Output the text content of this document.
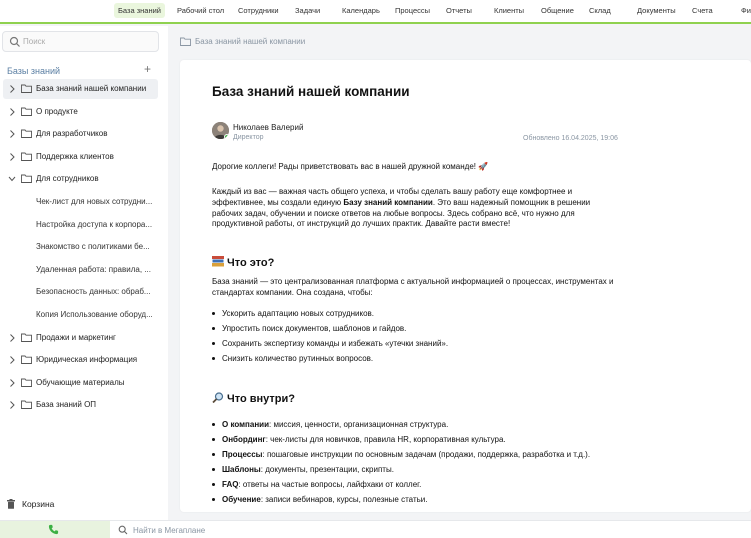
База знаний	Рабочий стол Сотрудники Задачи	Календарь Процессы Отчеты	Клиенты Общение Склад	Документы Счета	Фи
Поиск
Базы знаний	+
База знаний нашей компании
О продукте
Для разработчиков
Поддержка клиентов
Для сотрудников
Чек-лист для новых сотрудни...
Настройка доступа к корпора...
Знакомство с политиками бе...
Удаленная работа: правила, ...
Безопасность данных: обраб...
Копия Использование оборуд...
Продажи и маркетинг
Юридическая информация
Обучающие материалы
База знаний ОП
Корзина
База знаний нашей компании
База знаний нашей компании
Николаев Валерий
Директор	Обновлено 16.04.2025, 19:06
Дорогие коллеги! Рады приветствовать вас в нашей дружной команде! 🚀
Каждый из вас — важная часть общего успеха, и чтобы сделать вашу работу еще комфортнее и эффективнее, мы создали единую Базу знаний компании. Это ваш надежный помощник в решении рабочих задач, обучении и поиске ответов на любые вопросы. Здесь собрано всё, что нужно для продуктивной работы, от инструкций до лучших практик. Давайте расти вместе!
Что это?
База знаний — это централизованная платформа с актуальной информацией о процессах, инструментах и стандартах компании. Она создана, чтобы:
Ускорить адаптацию новых сотрудников.
Упростить поиск документов, шаблонов и гайдов.
Сохранить экспертизу команды и избежать «утечки знаний».
Снизить количество рутинных вопросов.
Что внутри?
О компании: миссия, ценности, организационная структура.
Онбординг: чек-листы для новичков, правила HR, корпоративная культура.
Процессы: пошаговые инструкции по основным задачам (продажи, поддержка, разработка и т.д.).
Шаблоны: документы, презентации, скрипты.
FAQ: ответы на частые вопросы, лайфхаки от коллег.
Обучение: записи вебинаров, курсы, полезные статьи.
Найти в Мегаплане
